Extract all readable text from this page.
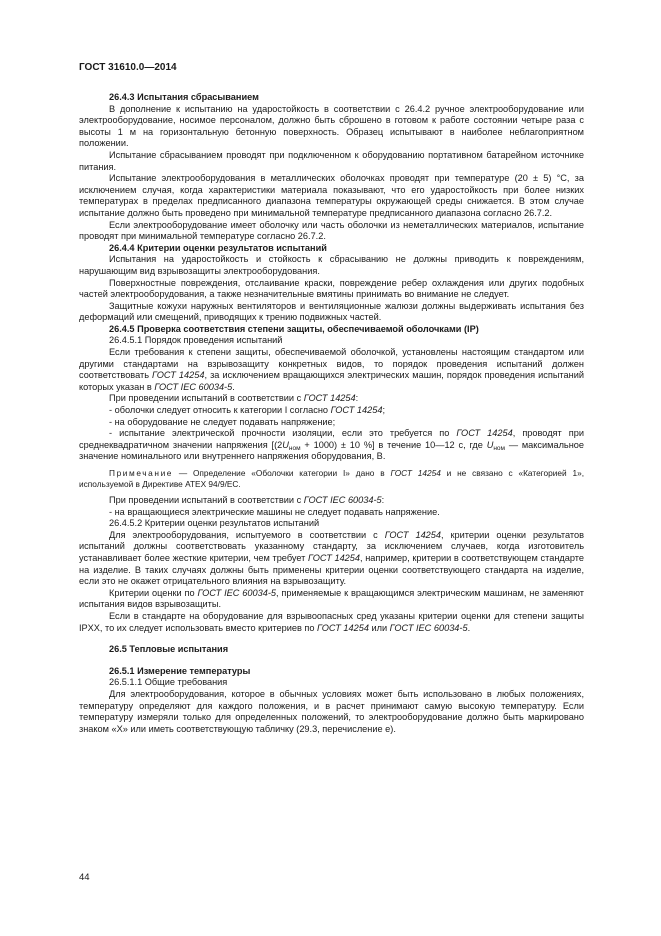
ГОСТ 31610.0—2014

26.4.3 Испытания сбрасыванием

В дополнение к испытанию на ударостойкость в соответствии с 26.4.2 ручное электрооборудование или электрооборудование, носимое персоналом, должно быть сброшено в готовом к работе состоянии четыре раза с высоты 1 м на горизонтальную бетонную поверхность. Образец испытывают в наиболее неблагоприятном положении.

Испытание сбрасыванием проводят при подключенном к оборудованию портативном батарейном источнике питания.

Испытание электрооборудования в металлических оболочках проводят при температуре (20 ± 5) °С, за исключением случая, когда характеристики материала показывают, что его ударостойкость при более низких температурах в пределах предписанного диапазона температуры окружающей среды снижается. В этом случае испытание должно быть проведено при минимальной температуре предписанного диапазона согласно 26.7.2.

Если электрооборудование имеет оболочку или часть оболочки из неметаллических материалов, испытание проводят при минимальной температуре согласно 26.7.2.

26.4.4 Критерии оценки результатов испытаний

Испытания на ударостойкость и стойкость к сбрасыванию не должны приводить к повреждениям, нарушающим вид взрывозащиты электрооборудования.

Поверхностные повреждения, отслаивание краски, повреждение ребер охлаждения или других подобных частей электрооборудования, а также незначительные вмятины принимать во внимание не следует.

Защитные кожухи наружных вентиляторов и вентиляционные жалюзи должны выдерживать испытания без деформаций или смещений, приводящих к трению подвижных частей.

26.4.5 Проверка соответствия степени защиты, обеспечиваемой оболочками (IP)

26.4.5.1 Порядок проведения испытаний

Если требования к степени защиты, обеспечиваемой оболочкой, установлены настоящим стандартом или другими стандартами на взрывозащиту конкретных видов, то порядок проведения испытаний должен соответствовать ГОСТ 14254, за исключением вращающихся электрических машин, порядок проведения испытаний которых указан в ГОСТ IEC 60034-5.

При проведении испытаний в соответствии с ГОСТ 14254:

- оболочки следует относить к категории I согласно ГОСТ 14254;

- на оборудование не следует подавать напряжение;

- испытание электрической прочности изоляции, если это требуется по ГОСТ 14254, проводят при среднеквадратичном значении напряжения [$(2U_{ном} + 1000) \pm 10$ %] в течение 10—12 с, где $U_{ном}$ — максимальное значение номинального или внутреннего напряжения оборудования, В.

Примечание — Определение «Оболочки категории I» дано в ГОСТ 14254 и не связано с «Категорией 1», используемой в Директиве АТЕХ 94/9/ЕС.

При проведении испытаний в соответствии с ГОСТ IEC 60034-5:

- на вращающиеся электрические машины не следует подавать напряжение.

26.4.5.2 Критерии оценки результатов испытаний

Для электрооборудования, испытуемого в соответствии с ГОСТ 14254, критерии оценки результатов испытаний должны соответствовать указанному стандарту, за исключением случаев, когда изготовитель устанавливает более жесткие критерии, чем требует ГОСТ 14254, например, критерии в соответствующем стандарте на изделие. В таких случаях должны быть применены критерии оценки соответствующего стандарта на изделие, если это не окажет отрицательного влияния на взрывозащиту.

Критерии оценки по ГОСТ IEC 60034-5, применяемые к вращающимся электрическим машинам, не заменяют испытания видов взрывозащиты.

Если в стандарте на оборудование для взрывоопасных сред указаны критерии оценки для степени защиты IPXX, то их следует использовать вместо критериев по ГОСТ 14254 или ГОСТ IEC 60034-5.

26.5 Тепловые испытания

26.5.1 Измерение температуры

26.5.1.1 Общие требования

Для электрооборудования, которое в обычных условиях может быть использовано в любых положениях, температуру определяют для каждого положения, и в расчет принимают самую высокую температуру. Если температуру измеряли только для определенных положений, то электрооборудование должно быть маркировано знаком «Х» или иметь соответствующую табличку (29.3, перечисление е).

44
